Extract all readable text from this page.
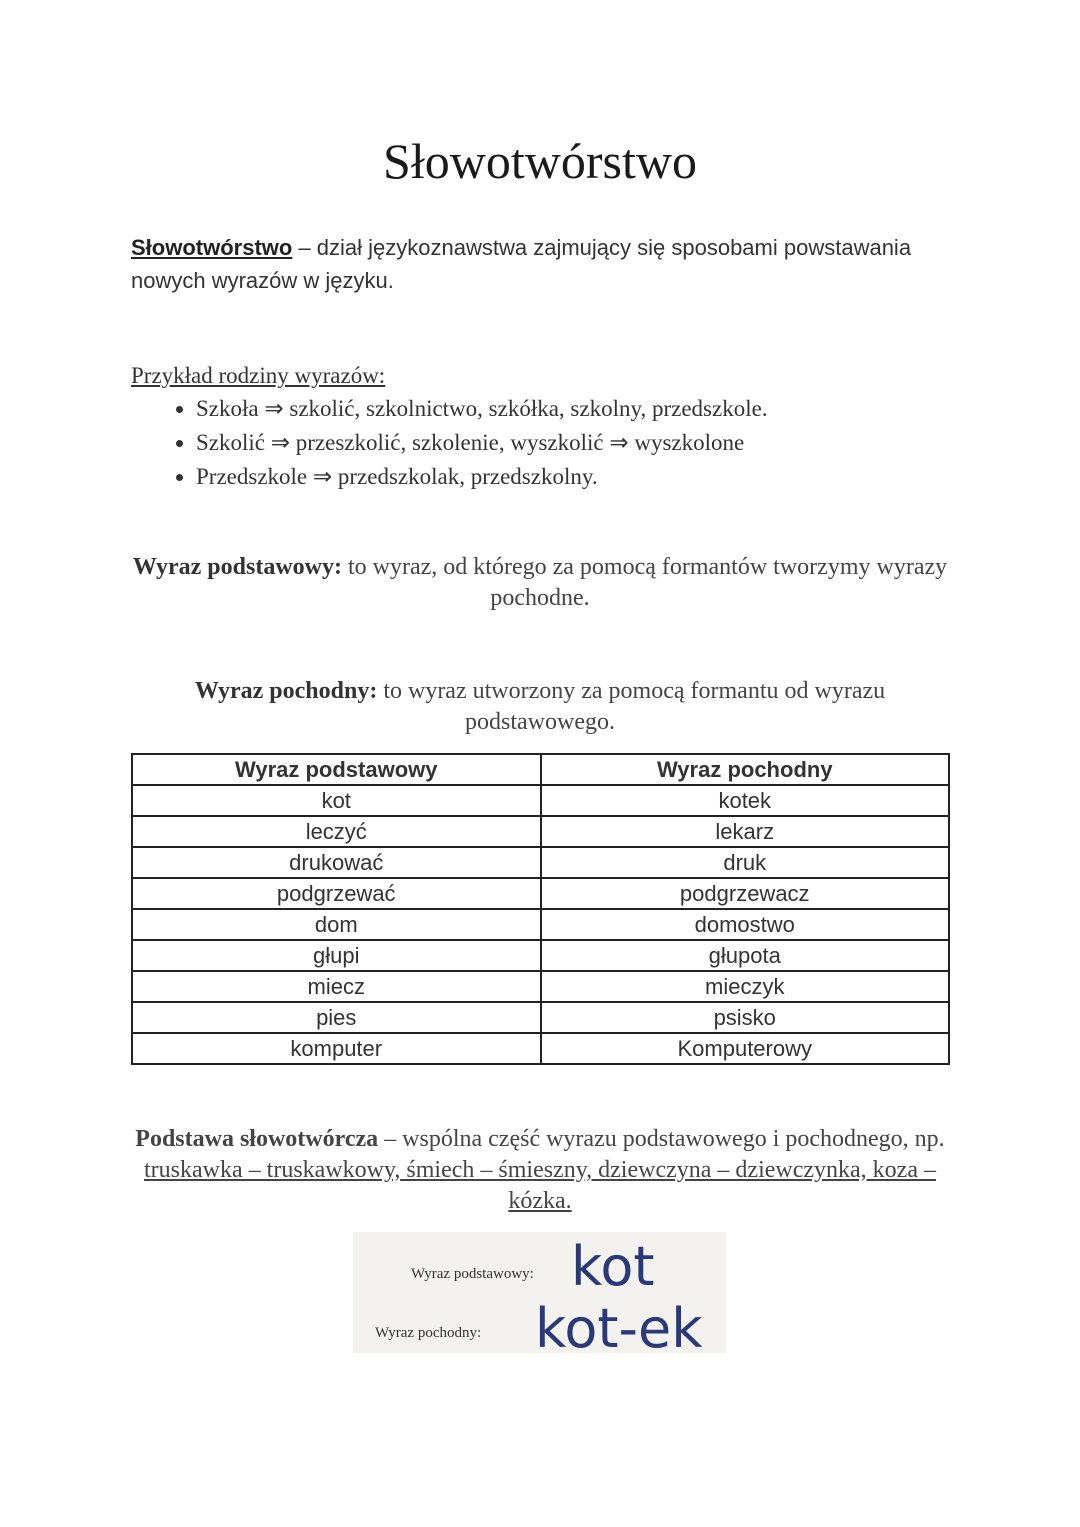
Słowotwórstwo
Słowotwórstwo – dział językoznawstwa zajmujący się sposobami powstawania nowych wyrazów w języku.
Przykład rodziny wyrazów:
• Szkoła ⇒ szkolić, szkolnictwo, szkółka, szkolny, przedszkole.
• Szkolić ⇒ przeszkolić, szkolenie, wyszkolić ⇒ wyszkolone
• Przedszkole ⇒ przedszkolak, przedszkolny.
Wyraz podstawowy: to wyraz, od którego za pomocą formantów tworzymy wyrazy pochodne.
Wyraz pochodny: to wyraz utworzony za pomocą formantu od wyrazu podstawowego.
Wyraz podstawowy	Wyraz pochodny
kot	kotek
leczyć	lekarz
drukować	druk
podgrzewać	podgrzewacz
dom	domostwo
głupi	głupota
miecz	mieczyk
pies	psisko
komputer	Komputerowy
Podstawa słowotwórcza – wspólna część wyrazu podstawowego i pochodnego, np. truskawka – truskawkowy, śmiech – śmieszny, dziewczyna – dziewczynka, koza – kózka.
Wyraz podstawowy: kot
Wyraz pochodny: kot-ek
